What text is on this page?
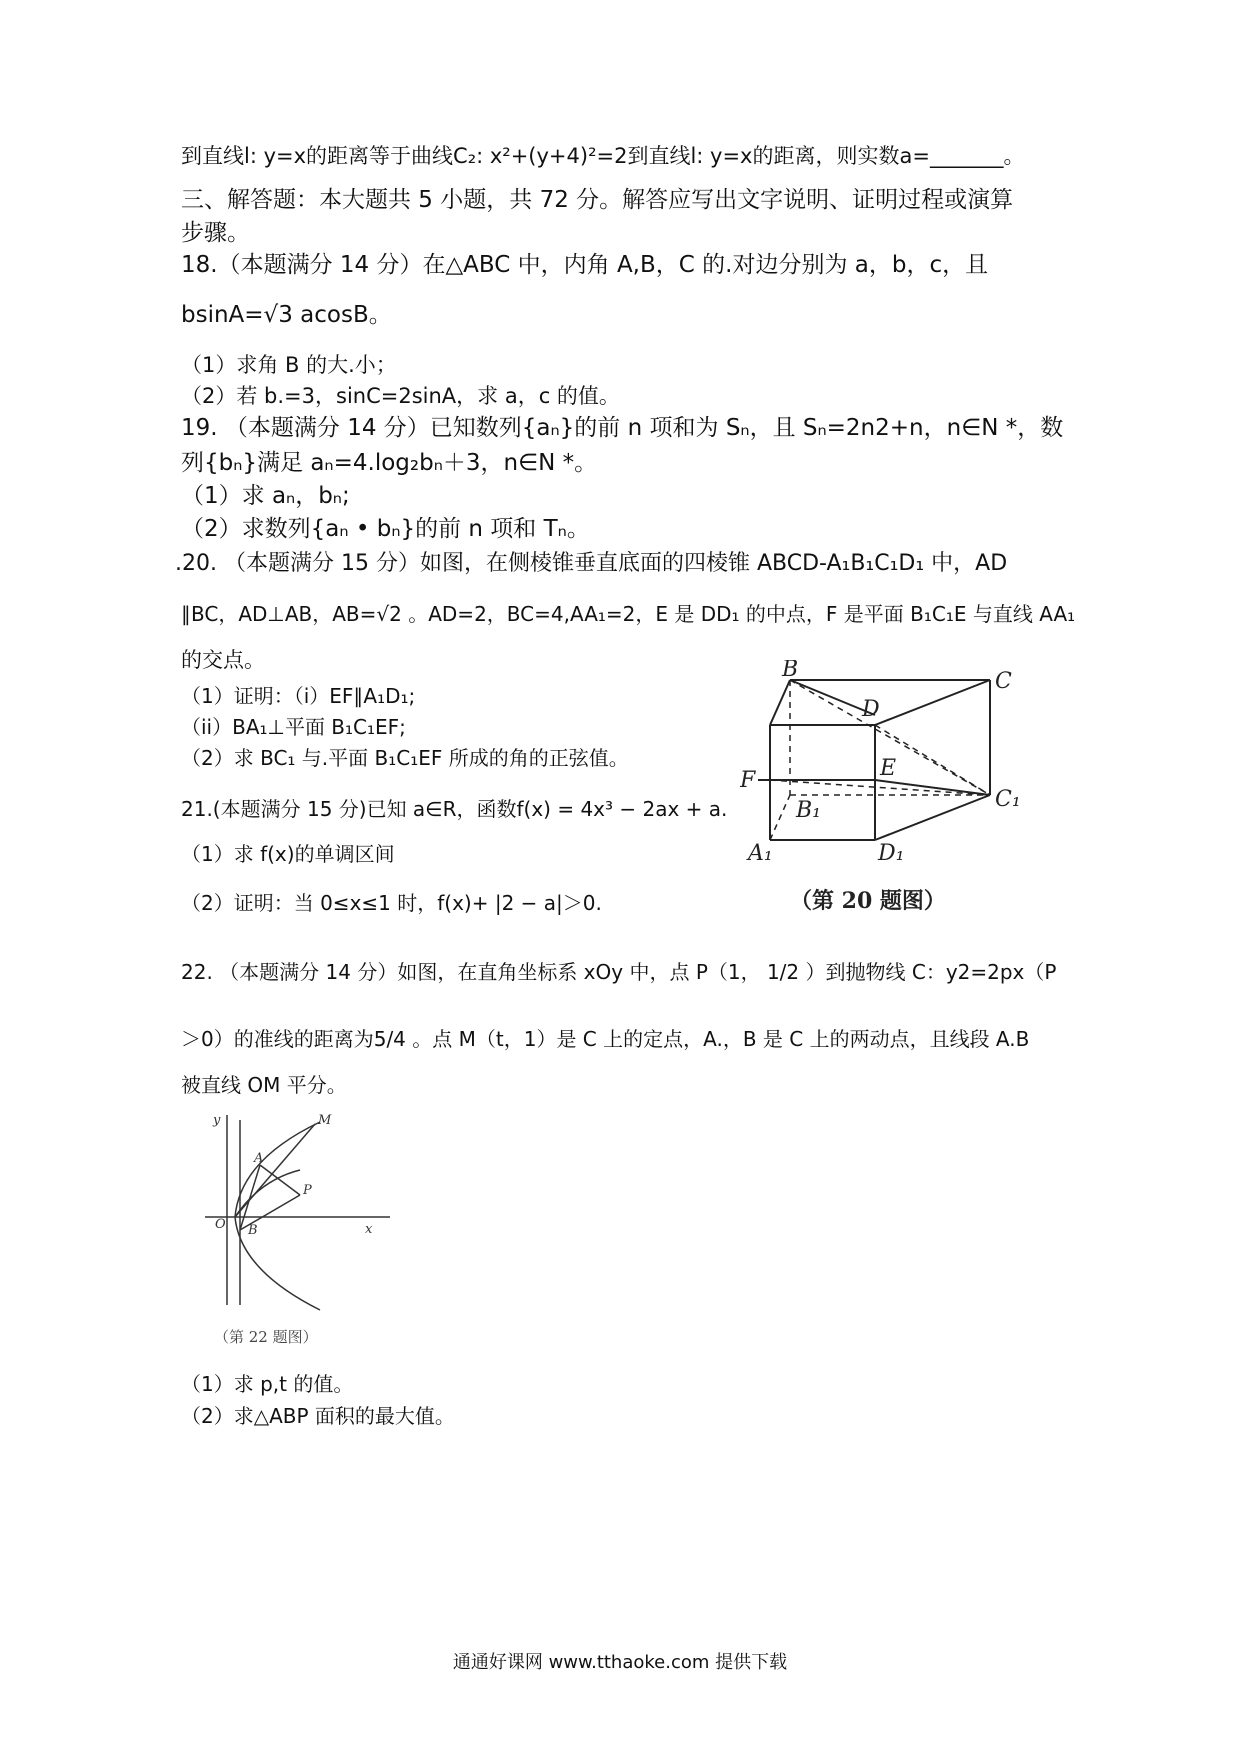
到直线l: y=x的距离等于曲线C₂: x²+(y+4)²=2到直线l: y=x的距离，则实数a=_______。
三、解答题：本大题共 5 小题，共 72 分。解答应写出文字说明、证明过程或演算
步骤。
18.（本题满分 14 分）在△ABC 中，内角 A,B，C 的.对边分别为 a，b，c，且
bsinA=√3 acosB。
（1）求角 B 的大.小；
（2）若 b.=3，sinC=2sinA，求 a，c 的值。
19. （本题满分 14 分）已知数列{aₙ}的前 n 项和为 Sₙ，且 Sₙ=2n2+n，n∈N *，数
列{bₙ}满足 aₙ=4.log₂bₙ＋3，n∈N *。
（1）求 aₙ，bₙ;
（2）求数列{aₙ • bₙ}的前 n 项和 Tₙ。
.20. （本题满分 15 分）如图，在侧棱锥垂直底面的四棱锥 ABCD-A₁B₁C₁D₁ 中，AD
∥BC，AD⊥AB，AB=√2 。AD=2，BC=4,AA₁=2，E 是 DD₁ 的中点，F 是平面 B₁C₁E 与直线 AA₁
的交点。
（1）证明：（i）EF∥A₁D₁;
（ii）BA₁⊥平面 B₁C₁EF;
（2）求 BC₁ 与.平面 B₁C₁EF 所成的角的正弦值。
21.(本题满分 15 分)已知 a∈R，函数f(x) = 4x³ − 2ax + a.
（1）求 f(x)的单调区间
（2）证明：当 0≤x≤1 时，f(x)+ |2 − a|＞0.
22. （本题满分 14 分）如图，在直角坐标系 xOy 中，点 P（1， 1/2 ）到抛物线 C：y2=2px（P
＞0）的准线的距离为5/4 。点 M（t，1）是 C 上的定点，A.，B 是 C 上的两动点，且线段 A.B
被直线 OM 平分。
（1）求 p,t 的值。
（2）求△ABP 面积的最大值。
B	C
D
F	E
B₁	C₁
A₁	D₁
（第 20 题图）
y	M
A
P
O B	x
（第 22 题图）
通通好课网 www.tthaoke.com 提供下载
